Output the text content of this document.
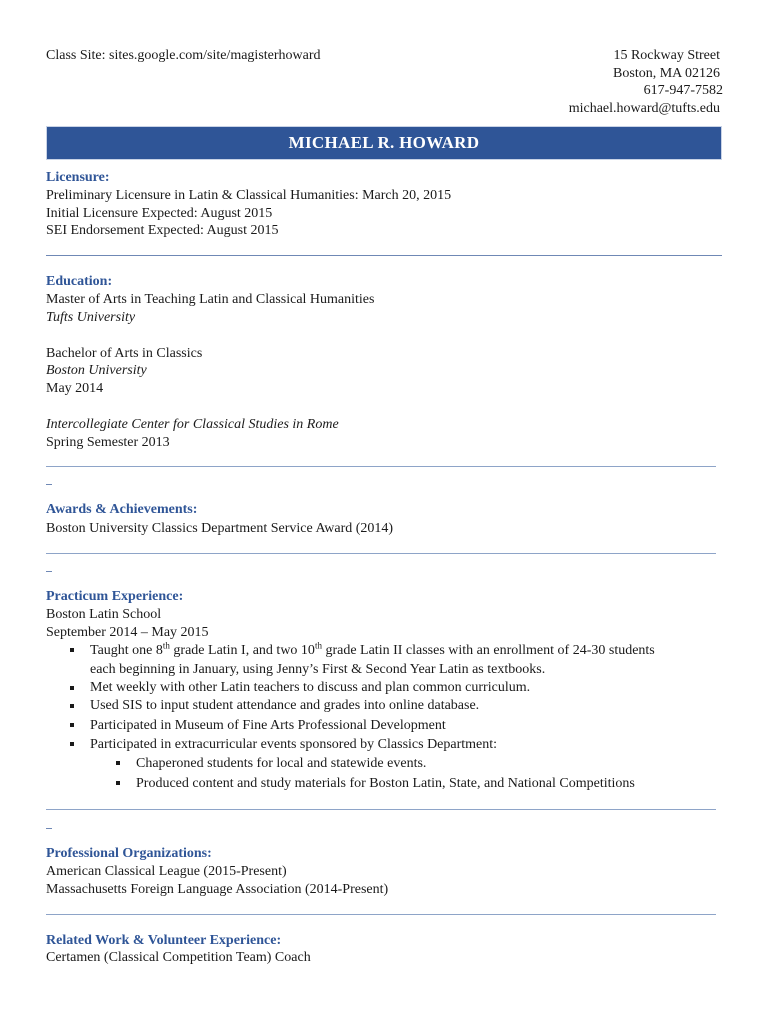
Class Site: sites.google.com/site/magisterhoward	15 Rockway Street
Boston, MA 02126
617-947-7582
michael.howard@tufts.edu
MICHAEL R. HOWARD
Licensure:
Preliminary Licensure in Latin & Classical Humanities: March 20, 2015
Initial Licensure Expected: August 2015
SEI Endorsement Expected: August 2015
Education:
Master of Arts in Teaching Latin and Classical Humanities
Tufts University
Bachelor of Arts in Classics
Boston University
May 2014
Intercollegiate Center for Classical Studies in Rome
Spring Semester 2013
Awards & Achievements:
Boston University Classics Department Service Award (2014)
Practicum Experience:
Boston Latin School
September 2014 – May 2015
Taught one 8th grade Latin I, and two 10th grade Latin II classes with an enrollment of 24-30 students
each beginning in January, using Jenny’s First & Second Year Latin as textbooks.
Met weekly with other Latin teachers to discuss and plan common curriculum.
Used SIS to input student attendance and grades into online database.
Participated in Museum of Fine Arts Professional Development
Participated in extracurricular events sponsored by Classics Department:
Chaperoned students for local and statewide events.
Produced content and study materials for Boston Latin, State, and National Competitions
Professional Organizations:
American Classical League (2015-Present)
Massachusetts Foreign Language Association (2014-Present)
Related Work & Volunteer Experience:
Certamen (Classical Competition Team) Coach
